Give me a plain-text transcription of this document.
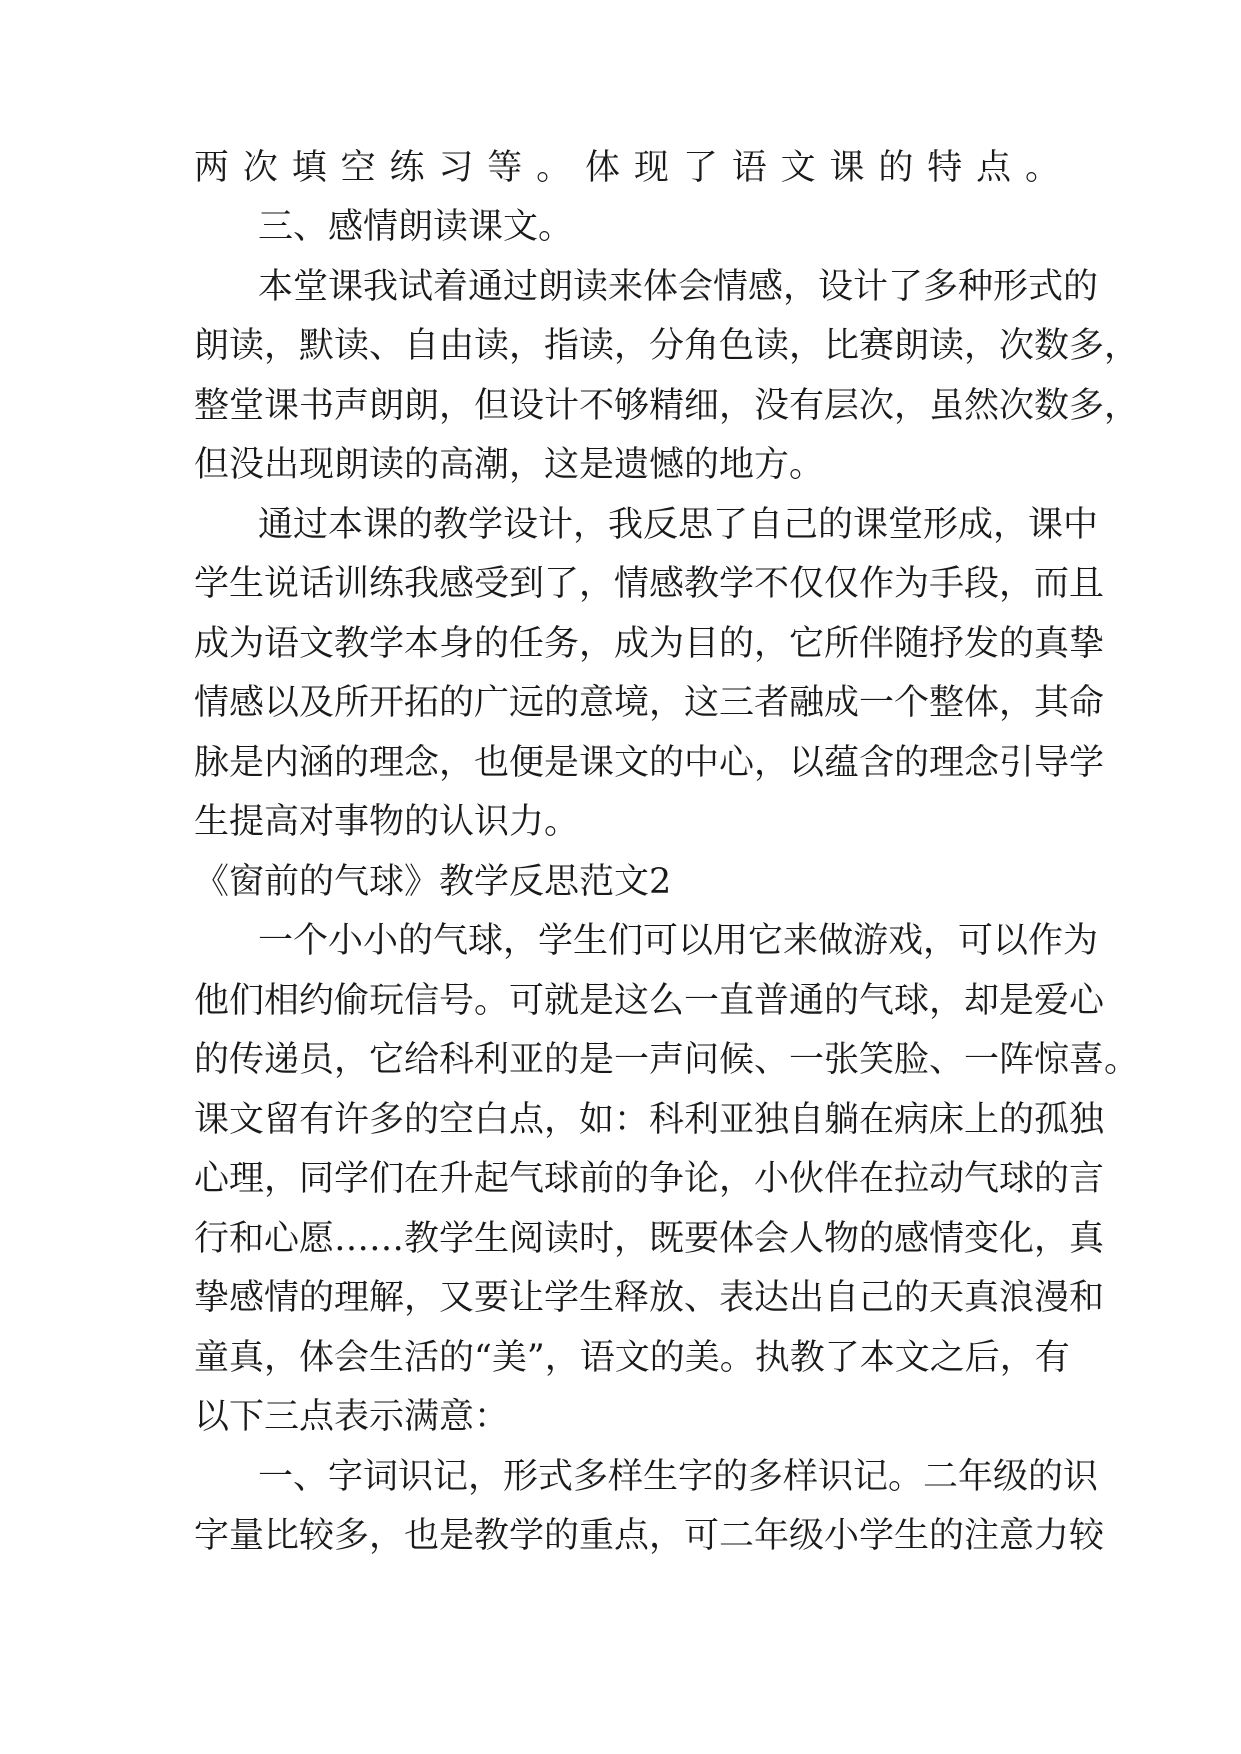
两次填空练习等。体现了语文课的特点。
三、感情朗读课文。
本堂课我试着通过朗读来体会情感，设计了多种形式的
朗读，默读、自由读，指读，分角色读，比赛朗读，次数多，
整堂课书声朗朗，但设计不够精细，没有层次，虽然次数多，
但没出现朗读的高潮，这是遗憾的地方。
通过本课的教学设计，我反思了自己的课堂形成，课中
学生说话训练我感受到了，情感教学不仅仅作为手段，而且
成为语文教学本身的任务，成为目的，它所伴随抒发的真挚
情感以及所开拓的广远的意境，这三者融成一个整体，其命
脉是内涵的理念，也便是课文的中心，以蕴含的理念引导学
生提高对事物的认识力。
《窗前的气球》教学反思范文2
一个小小的气球，学生们可以用它来做游戏，可以作为
他们相约偷玩信号。可就是这么一直普通的气球，却是爱心
的传递员，它给科利亚的是一声问候、一张笑脸、一阵惊喜。
课文留有许多的空白点，如：科利亚独自躺在病床上的孤独
心理，同学们在升起气球前的争论，小伙伴在拉动气球的言
行和心愿……教学生阅读时，既要体会人物的感情变化，真
挚感情的理解，又要让学生释放、表达出自己的天真浪漫和
童真，体会生活的“美”，语文的美。执教了本文之后，有
以下三点表示满意：
一、字词识记，形式多样生字的多样识记。二年级的识
字量比较多，也是教学的重点，可二年级小学生的注意力较
